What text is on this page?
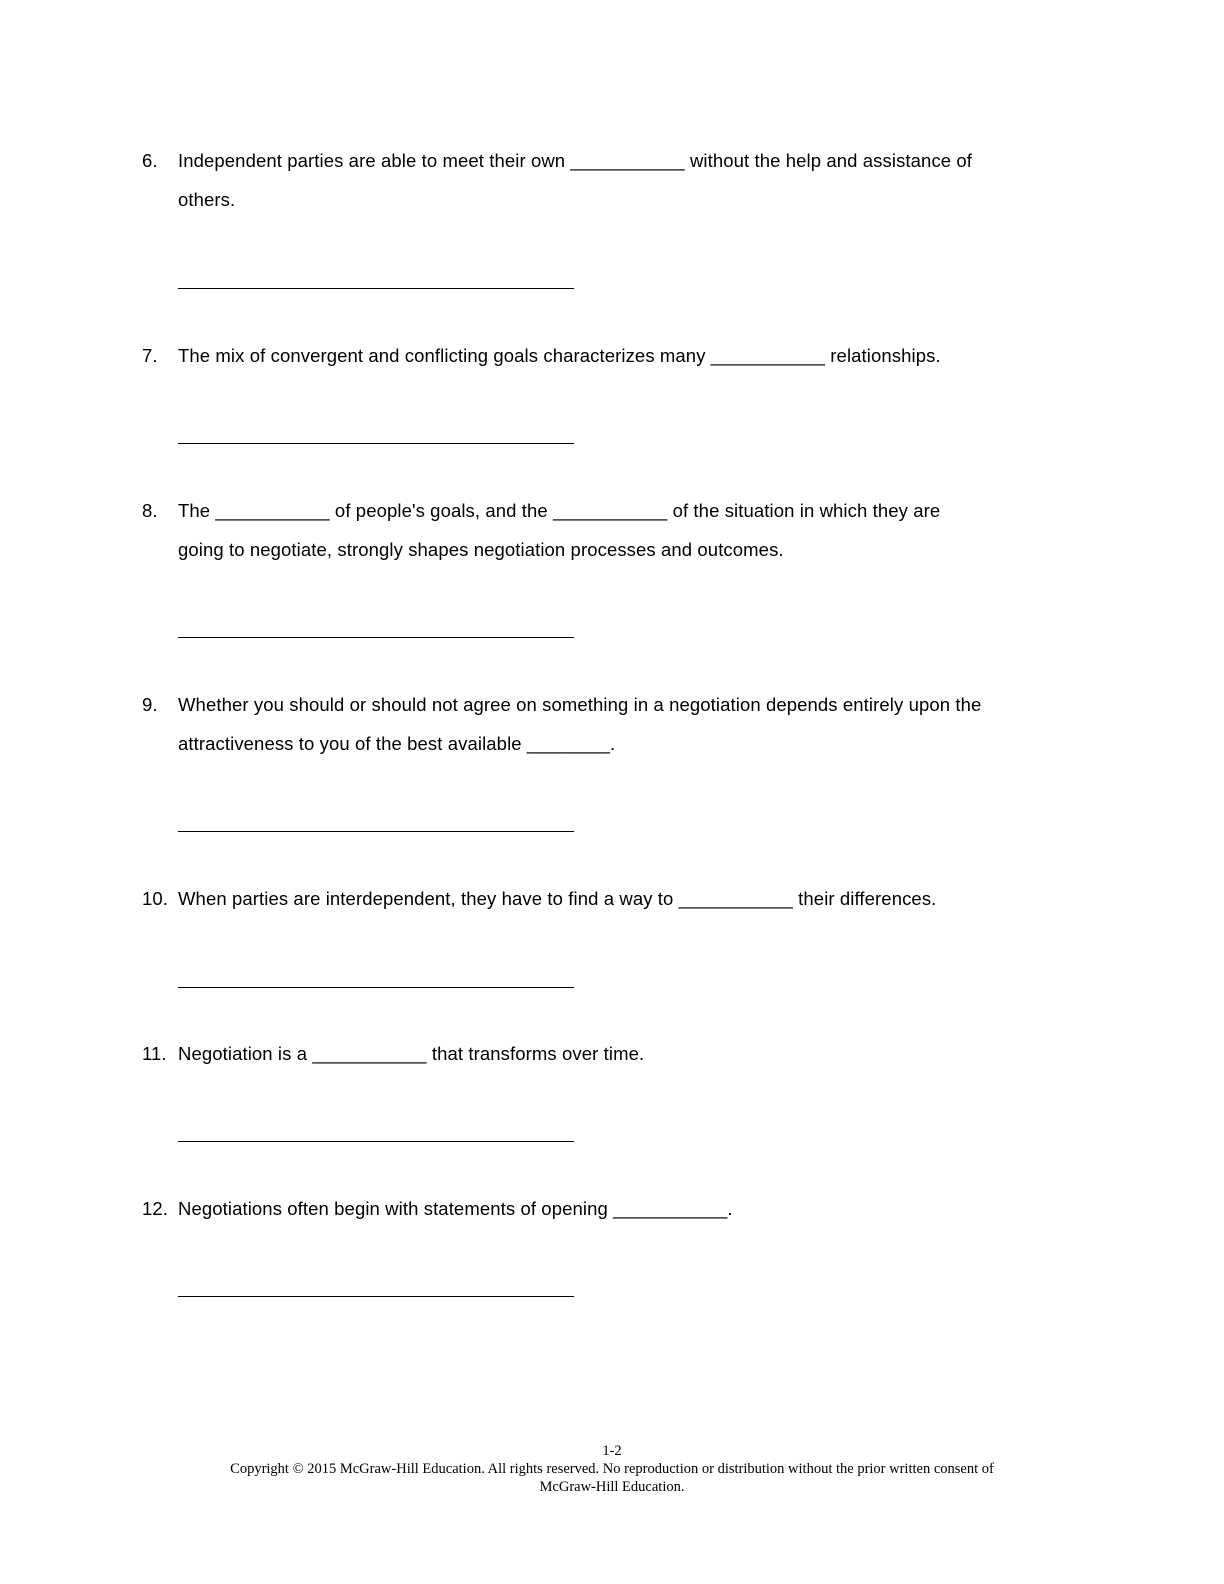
6. Independent parties are able to meet their own ___________ without the help and assistance of
others.
7. The mix of convergent and conflicting goals characterizes many ___________ relationships.
8. The ___________ of people's goals, and the ___________ of the situation in which they are
going to negotiate, strongly shapes negotiation processes and outcomes.
9. Whether you should or should not agree on something in a negotiation depends entirely upon the
attractiveness to you of the best available ________.
10. When parties are interdependent, they have to find a way to ___________ their differences.
11. Negotiation is a ___________ that transforms over time.
12. Negotiations often begin with statements of opening ___________.
1-2
Copyright © 2015 McGraw-Hill Education. All rights reserved. No reproduction or distribution without the prior written consent of
McGraw-Hill Education.
